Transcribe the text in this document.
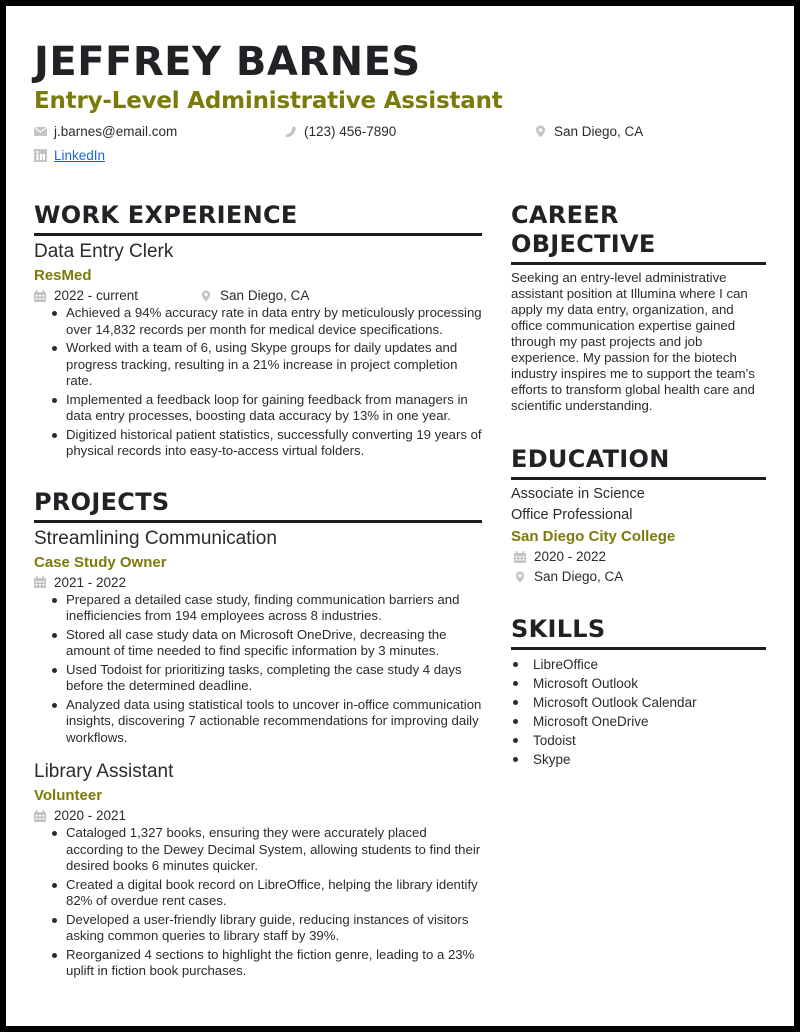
JEFFREY BARNES
Entry-Level Administrative Assistant
j.barnes@email.com	(123) 456-7890	San Diego, CA
LinkedIn
WORK EXPERIENCE
Data Entry Clerk
ResMed
2022 - current	San Diego, CA
Achieved a 94% accuracy rate in data entry by meticulously processing over 14,832 records per month for medical device specifications.
Worked with a team of 6, using Skype groups for daily updates and progress tracking, resulting in a 21% increase in project completion rate.
Implemented a feedback loop for gaining feedback from managers in data entry processes, boosting data accuracy by 13% in one year.
Digitized historical patient statistics, successfully converting 19 years of physical records into easy-to-access virtual folders.
PROJECTS
Streamlining Communication
Case Study Owner
2021 - 2022
Prepared a detailed case study, finding communication barriers and inefficiencies from 194 employees across 8 industries.
Stored all case study data on Microsoft OneDrive, decreasing the amount of time needed to find specific information by 3 minutes.
Used Todoist for prioritizing tasks, completing the case study 4 days before the determined deadline.
Analyzed data using statistical tools to uncover in-office communication insights, discovering 7 actionable recommendations for improving daily workflows.
Library Assistant
Volunteer
2020 - 2021
Cataloged 1,327 books, ensuring they were accurately placed according to the Dewey Decimal System, allowing students to find their desired books 6 minutes quicker.
Created a digital book record on LibreOffice, helping the library identify 82% of overdue rent cases.
Developed a user-friendly library guide, reducing instances of visitors asking common queries to library staff by 39%.
Reorganized 4 sections to highlight the fiction genre, leading to a 23% uplift in fiction book purchases.
CAREER
OBJECTIVE

Seeking an entry-level administrative assistant position at Illumina where I can apply my data entry, organization, and office communication expertise gained through my past projects and job experience. My passion for the biotech industry inspires me to support the team’s efforts to transform global health care and scientific understanding.

EDUCATION
Associate in Science
Office Professional
San Diego City College
2020 - 2022
San Diego, CA
SKILLS
LibreOffice
Microsoft Outlook
Microsoft Outlook Calendar
Microsoft OneDrive
Todoist
Skype
